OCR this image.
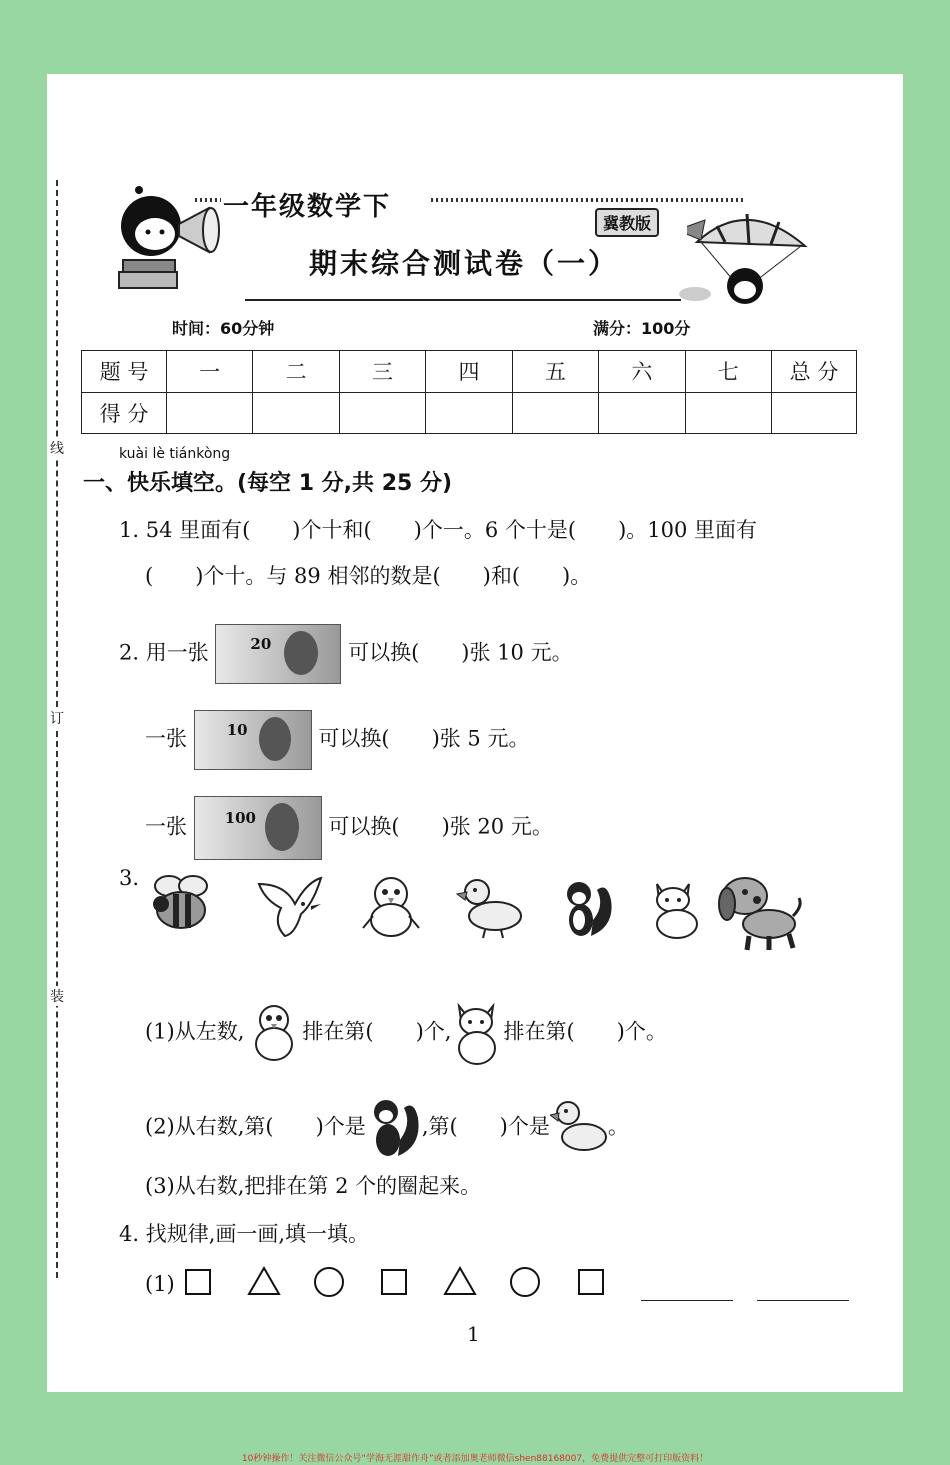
线
订
装
一年级数学下
冀教版
期末综合测试卷（一）
时间：60分钟	满分：100分
题 号	一	二	三	四	五	六	七	总 分
得 分								
kuài lè tiánkòng
一、快乐填空。(每空 1 分,共 25 分)
1. 54 里面有(　　)个十和(　　)个一。6 个十是(　　)。100 里面有
(　　)个十。与 89 相邻的数是(　　)和(　　)。
2. 用一张	20	可以换(　　)张 10 元。
一张	10	可以换(　　)张 5 元。
一张	100	可以换(　　)张 20 元。
3.
(1)从左数,	排在第(　　)个, 排在第(　　)个。
(2)从右数,第(　　)个是	,第(　　)个是	。
(3)从右数,把排在第 2 个的圈起来。
4. 找规律,画一画,填一填。
(1)
1
10秒钟操作！关注微信公众号“学海无涯甜作舟”或者添加奥老师微信shen88168007，免费提供完整可打印版资料！
